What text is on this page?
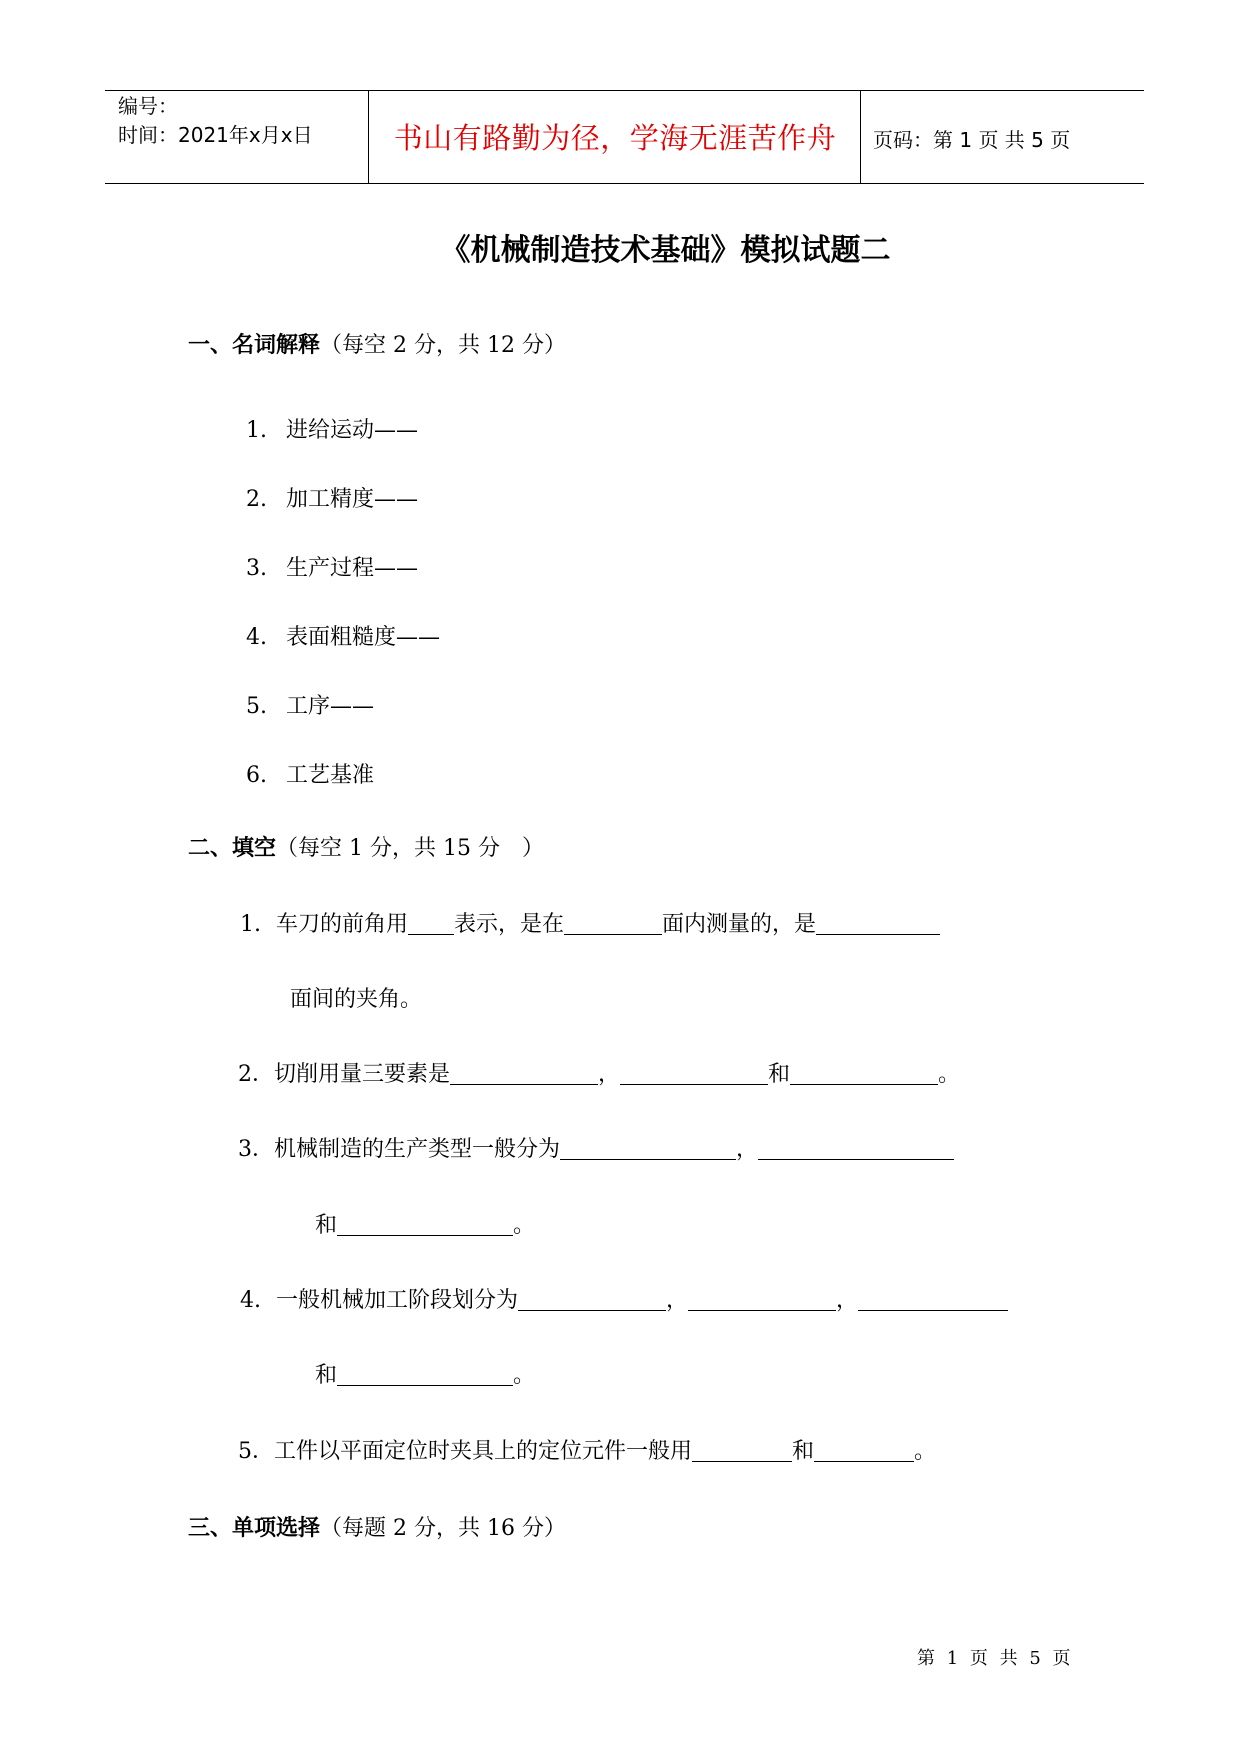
编号：
时间：2021年x月x日	书山有路勤为径，学海无涯苦作舟	页码：第 1 页 共 5 页
《机械制造技术基础》模拟试题二
一、名词解释（每空 2 分，共 12 分）
1. 进给运动——
2. 加工精度——
3. 生产过程——
4. 表面粗糙度——
5. 工序——
6. 工艺基准
二、填空（每空 1 分，共 15 分　）
1. 车刀的前角用 表示，是在	面内测量的，是
面间的夹角。
2．切削用量三要素是	，	和	。
3．机械制造的生产类型一般分为	，
和	。
4. 一般机械加工阶段划分为	，	，
和	。
5．工件以平面定位时夹具上的定位元件一般用	和	。
三、单项选择（每题 2 分，共 16 分）
第 1 页 共 5 页
